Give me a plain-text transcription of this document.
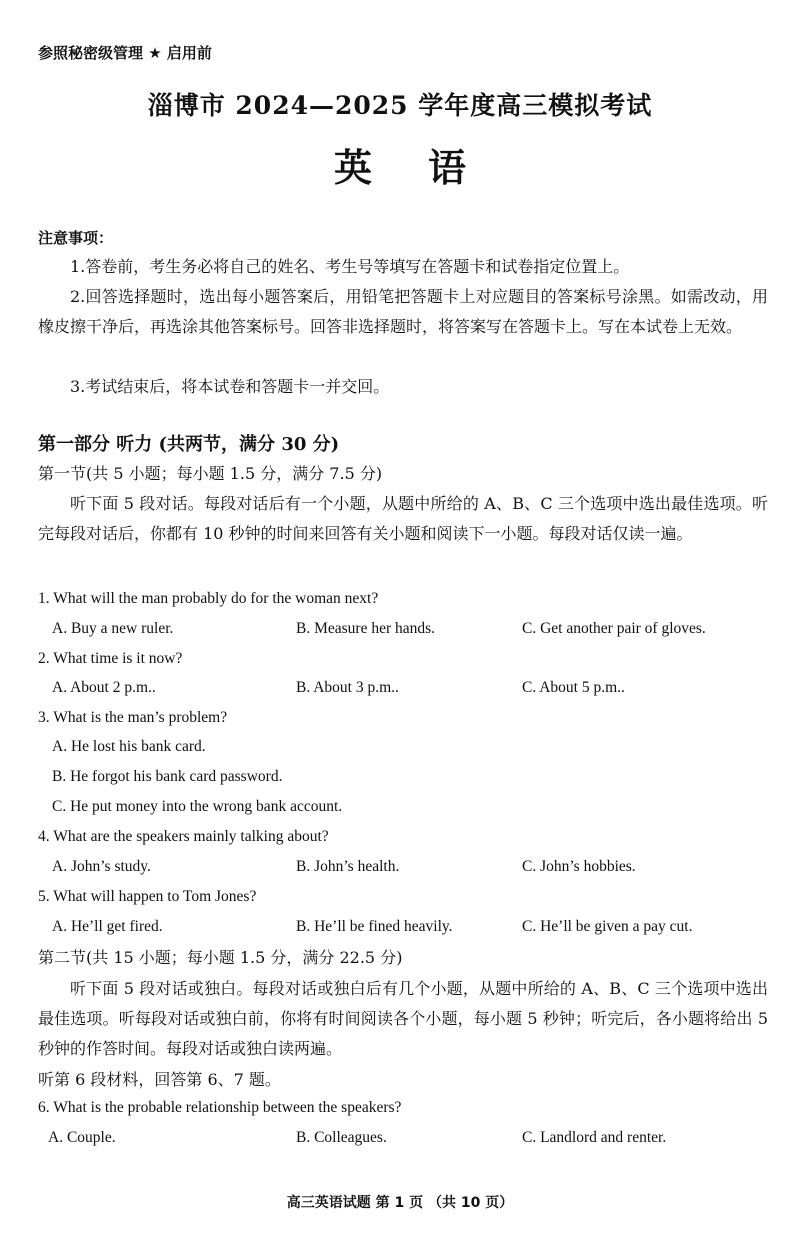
参照秘密级管理 ★ 启用前
淄博市 2024—2025 学年度高三模拟考试
英语
注意事项：
1.答卷前，考生务必将自己的姓名、考生号等填写在答题卡和试卷指定位置上。
2.回答选择题时，选出每小题答案后，用铅笔把答题卡上对应题目的答案标号涂黑。如需改动，用橡皮擦干净后，再选涂其他答案标号。回答非选择题时，将答案写在答题卡上。写在本试卷上无效。
3.考试结束后，将本试卷和答题卡一并交回。
第一部分 听力 (共两节，满分 30 分)
第一节(共 5 小题；每小题 1.5 分，满分 7.5 分)
听下面 5 段对话。每段对话后有一个小题，从题中所给的 A、B、C 三个选项中选出最佳选项。听完每段对话后，你都有 10 秒钟的时间来回答有关小题和阅读下一小题。每段对话仅读一遍。
1. What will the man probably do for the woman next?
A. Buy a new ruler.	B. Measure her hands.	C. Get another pair of gloves.
2. What time is it now?
A. About 2 p.m..	B. About 3 p.m..	C. About 5 p.m..
3. What is the man’s problem?
A. He lost his bank card.
B. He forgot his bank card password.
C. He put money into the wrong bank account.
4. What are the speakers mainly talking about?
A. John’s study.	B. John’s health.	C. John’s hobbies.
5. What will happen to Tom Jones?
A. He’ll get fired.	B. He’ll be fined heavily.	C. He’ll be given a pay cut.
第二节(共 15 小题；每小题 1.5 分，满分 22.5 分)
听下面 5 段对话或独白。每段对话或独白后有几个小题，从题中所给的 A、B、C 三个选项中选出最佳选项。听每段对话或独白前，你将有时间阅读各个小题，每小题 5 秒钟；听完后，各小题将给出 5 秒钟的作答时间。每段对话或独白读两遍。
听第 6 段材料，回答第 6、7 题。
6. What is the probable relationship between the speakers?
A. Couple.	B. Colleagues.	C. Landlord and renter.
高三英语试题 第 1 页 （共 10 页）
